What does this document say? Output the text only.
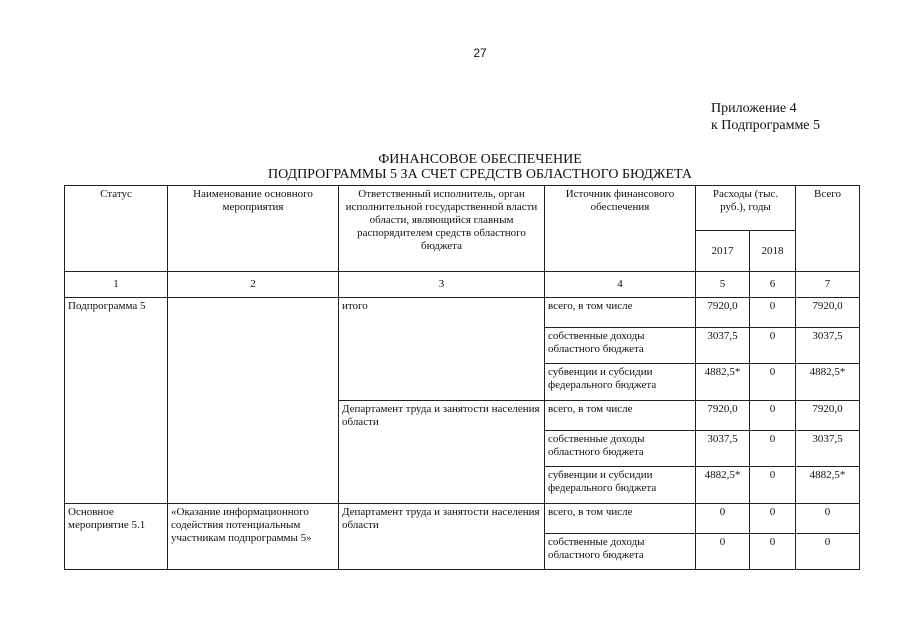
27
Приложение 4
к Подпрограмме 5
ФИНАНСОВОЕ ОБЕСПЕЧЕНИЕ
ПОДПРОГРАММЫ 5 ЗА СЧЕТ СРЕДСТВ ОБЛАСТНОГО БЮДЖЕТА
Статус	Наименование основного мероприятия	Ответственный исполнитель, орган исполнительной государственной власти области, являющийся главным распорядителем средств областного бюджета	Источник финансового обеспечения	Расходы (тыс. руб.), годы		Всего
				2017	2018	
1	2	3	4	5	6	7
Подпрограмма 5		итого	всего, в том числе	7920,0	0	7920,0
			собственные доходы областного бюджета	3037,5	0	3037,5
			субвенции и субсидии федерального бюджета	4882,5*	0	4882,5*
		Департамент труда и занятости населения области	всего, в том числе	7920,0	0	7920,0
			собственные доходы областного бюджета	3037,5	0	3037,5
			субвенции и субсидии федерального бюджета	4882,5*	0	4882,5*
Основное мероприятие 5.1	«Оказание информационного содействия потенциальным участникам подпрограммы 5»	Департамент труда и занятости населения области	всего, в том числе	0	0	0
			собственные доходы областного бюджета	0	0	0
